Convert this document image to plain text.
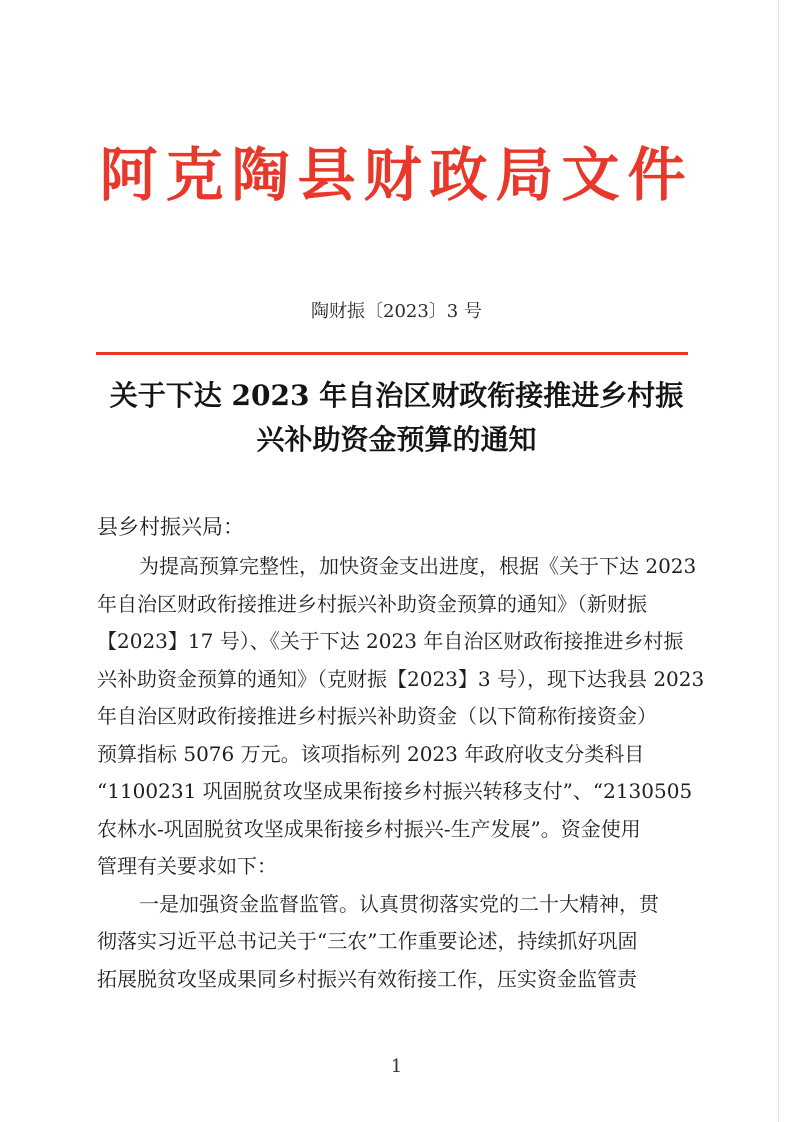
阿克陶县财政局文件
陶财振〔2023〕3 号
关于下达 2023 年自治区财政衔接推进乡村振
兴补助资金预算的通知
县乡村振兴局：
为提高预算完整性，加快资金支出进度，根据《关于下达 2023
年自治区财政衔接推进乡村振兴补助资金预算的通知》（新财振
【2023】17 号）、《关于下达 2023 年自治区财政衔接推进乡村振
兴补助资金预算的通知》（克财振【2023】3 号），现下达我县 2023
年自治区财政衔接推进乡村振兴补助资金（以下简称衔接资金）
预算指标 5076 万元。该项指标列 2023 年政府收支分类科目
“1100231 巩固脱贫攻坚成果衔接乡村振兴转移支付”、“2130505
农林水-巩固脱贫攻坚成果衔接乡村振兴-生产发展”。资金使用
管理有关要求如下：
一是加强资金监督监管。认真贯彻落实党的二十大精神，贯
彻落实习近平总书记关于“三农”工作重要论述，持续抓好巩固
拓展脱贫攻坚成果同乡村振兴有效衔接工作，压实资金监管责
1
